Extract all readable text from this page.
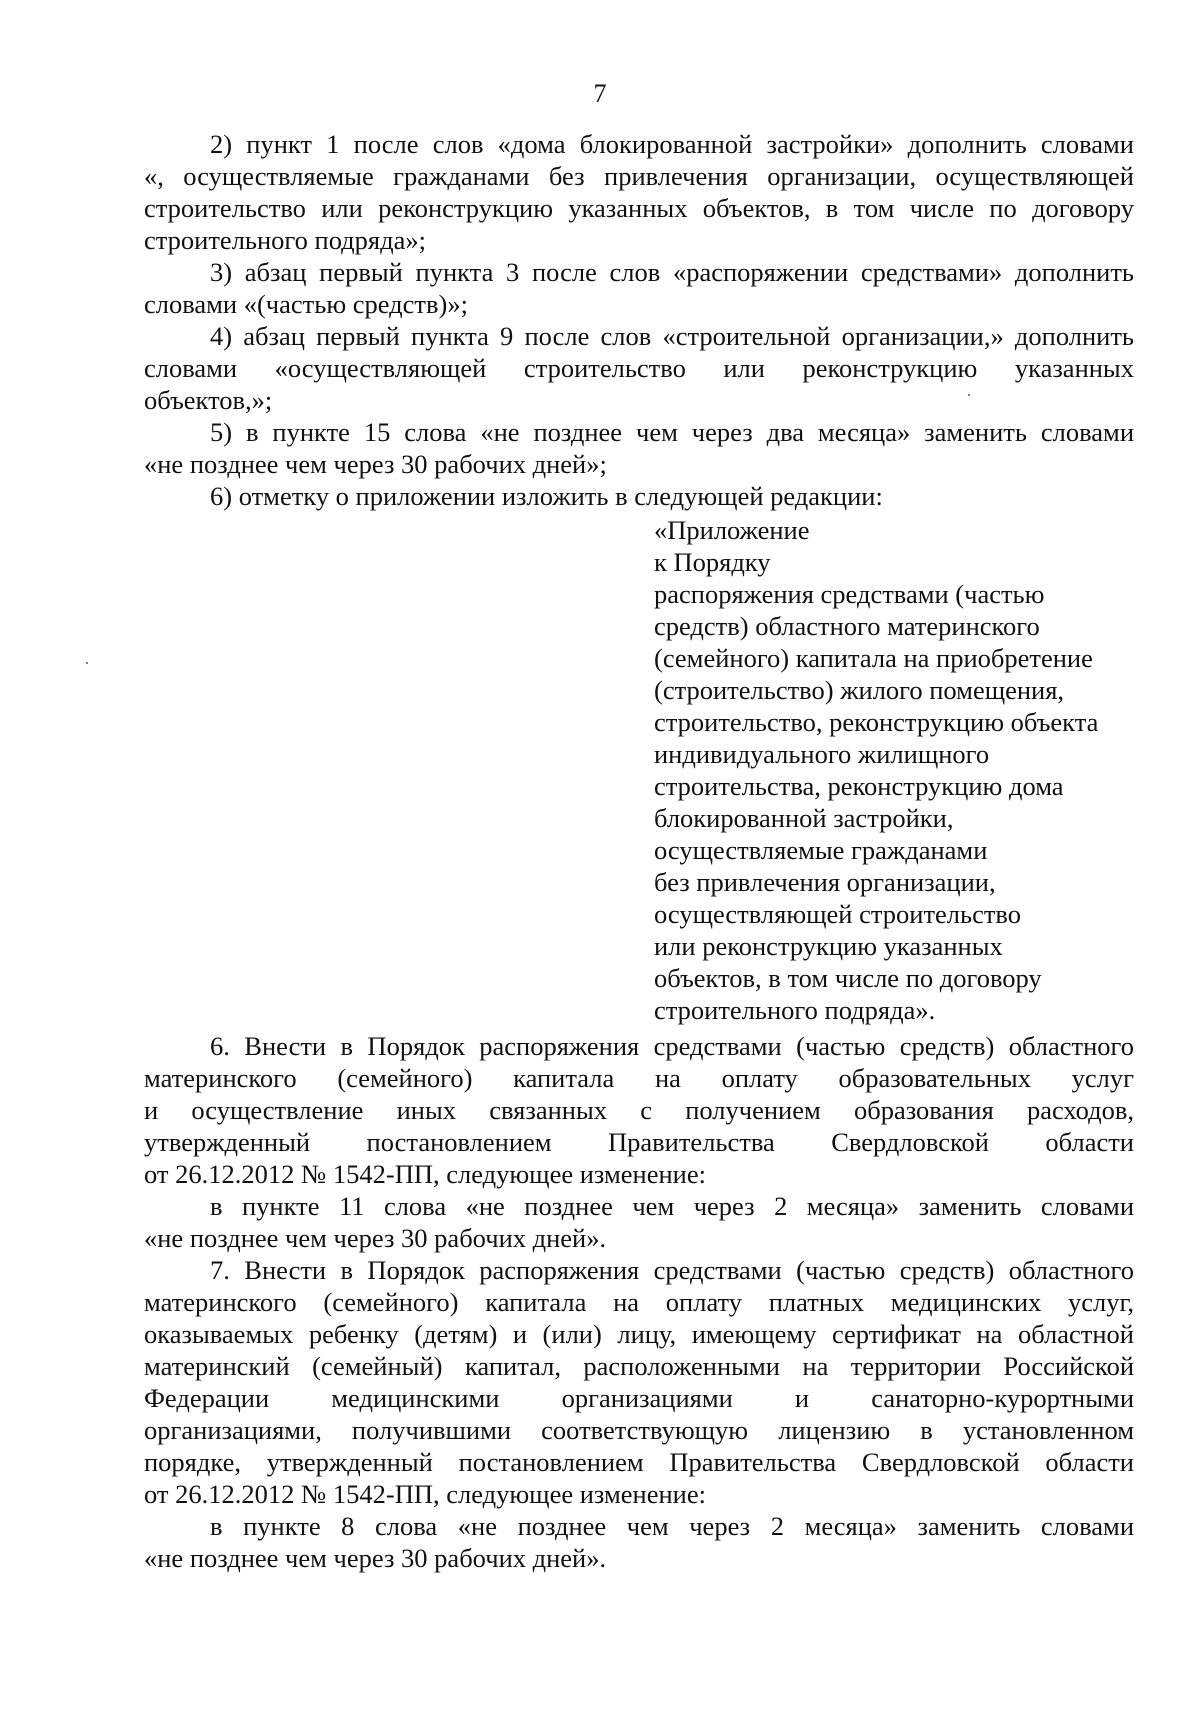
7
2) пункт 1 после слов «дома блокированной застройки» дополнить словами
«, осуществляемые гражданами без привлечения организации, осуществляющей
строительство или реконструкцию указанных объектов, в том числе по договору
строительного подряда»;
3) абзац первый пункта 3 после слов «распоряжении средствами» дополнить
словами «(частью средств)»;
4) абзац первый пункта 9 после слов «строительной организации,» дополнить
словами «осуществляющей строительство или реконструкцию указанных
объектов,»;
5) в пункте 15 слова «не позднее чем через два месяца» заменить словами
«не позднее чем через 30 рабочих дней»;
6) отметку о приложении изложить в следующей редакции:
«Приложение
к Порядку
распоряжения средствами (частью
средств) областного материнского
(семейного) капитала на приобретение
(строительство) жилого помещения,
строительство, реконструкцию объекта
индивидуального жилищного
строительства, реконструкцию дома
блокированной застройки,
осуществляемые гражданами
без привлечения организации,
осуществляющей строительство
или реконструкцию указанных
объектов, в том числе по договору
строительного подряда».
6. Внести в Порядок распоряжения средствами (частью средств) областного
материнского (семейного) капитала на оплату образовательных услуг
и осуществление иных связанных с получением образования расходов,
утвержденный постановлением Правительства Свердловской области
от 26.12.2012 № 1542-ПП, следующее изменение:
в пункте 11 слова «не позднее чем через 2 месяца» заменить словами
«не позднее чем через 30 рабочих дней».
7. Внести в Порядок распоряжения средствами (частью средств) областного
материнского (семейного) капитала на оплату платных медицинских услуг,
оказываемых ребенку (детям) и (или) лицу, имеющему сертификат на областной
материнский (семейный) капитал, расположенными на территории Российской
Федерации медицинскими организациями и санаторно-курортными
организациями, получившими соответствующую лицензию в установленном
порядке, утвержденный постановлением Правительства Свердловской области
от 26.12.2012 № 1542-ПП, следующее изменение:
в пункте 8 слова «не позднее чем через 2 месяца» заменить словами
«не позднее чем через 30 рабочих дней».
